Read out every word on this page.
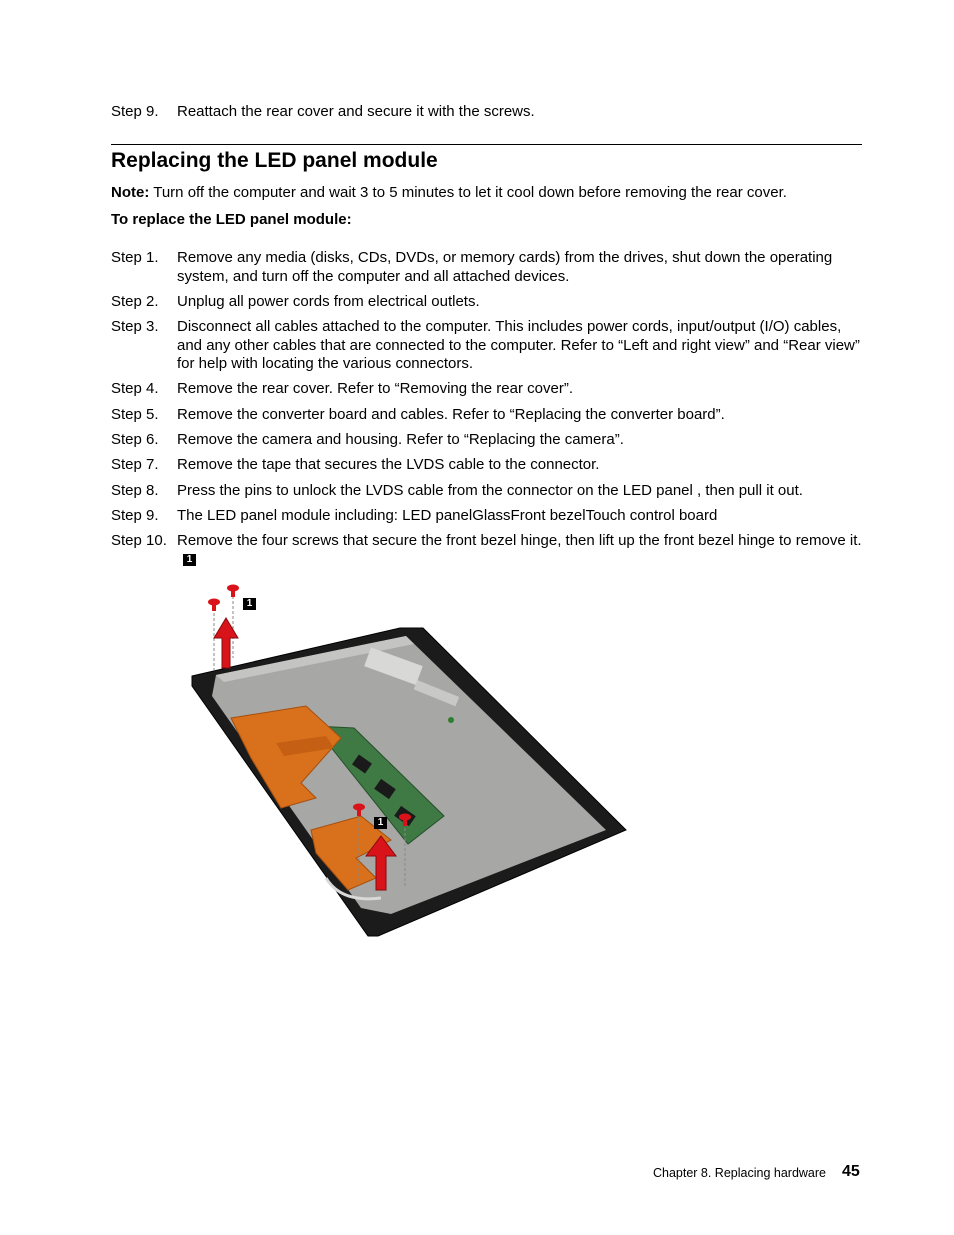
Step 9. Reattach the rear cover and secure it with the screws.
Replacing the LED panel module
Note: Turn off the computer and wait 3 to 5 minutes to let it cool down before removing the rear cover.
To replace the LED panel module:
Step 1. Remove any media (disks, CDs, DVDs, or memory cards) from the drives, shut down the operating system, and turn off the computer and all attached devices.
Step 2. Unplug all power cords from electrical outlets.
Step 3. Disconnect all cables attached to the computer. This includes power cords, input/output (I/O) cables, and any other cables that are connected to the computer. Refer to “Left and right view” and “Rear view” for help with locating the various connectors.
Step 4. Remove the rear cover. Refer to “Removing the rear cover”.
Step 5. Remove the converter board and cables. Refer to “Replacing the converter board”.
Step 6. Remove the camera and housing. Refer to “Replacing the camera”.
Step 7. Remove the tape that secures the LVDS cable to the connector.
Step 8. Press the pins to unlock the LVDS cable from the connector on the LED panel , then pull it out.
Step 9. The LED panel module including: LED panelGlassFront bezelTouch control board
Step 10. Remove the four screws that secure the front bezel hinge, then lift up the front bezel hinge to remove it.1
1
1
Chapter 8. Replacing hardware 45
